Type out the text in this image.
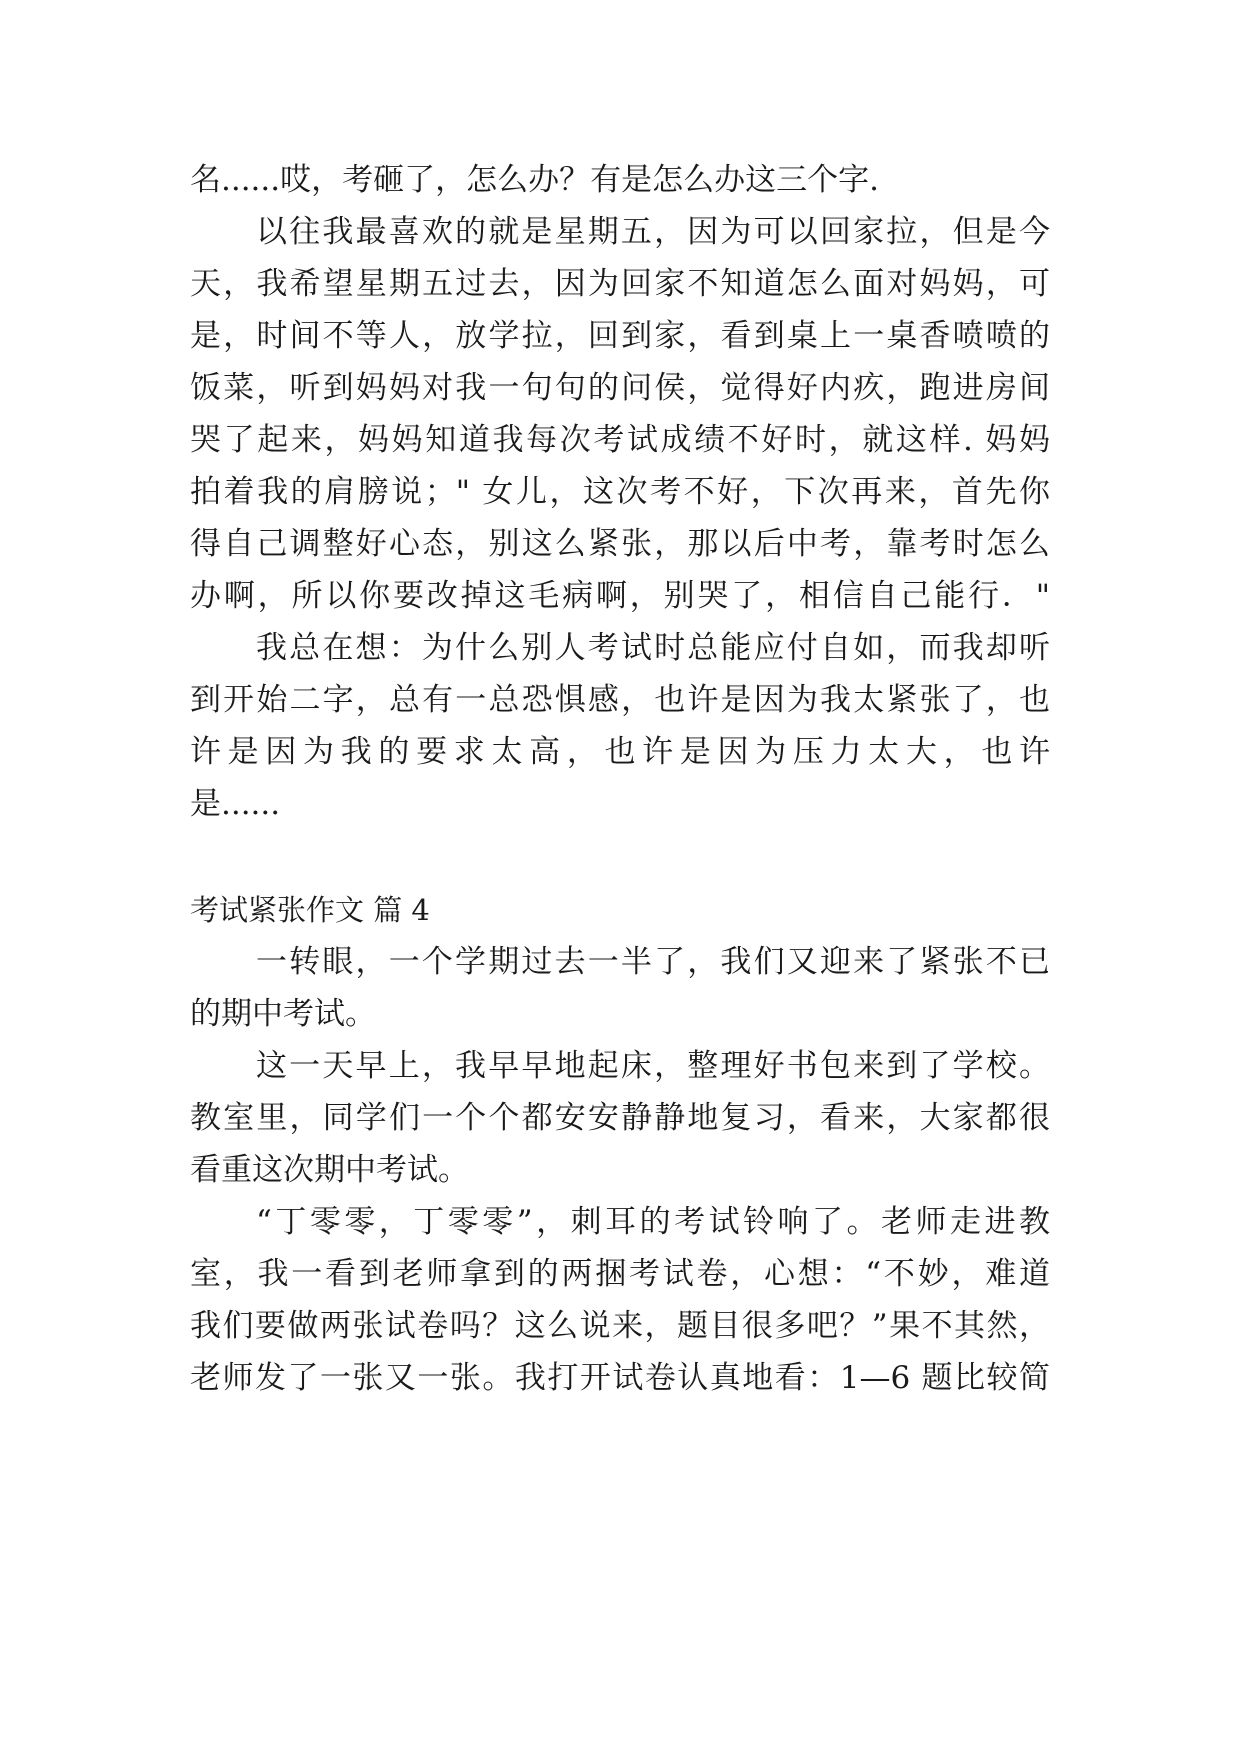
名......哎，考砸了，怎么办？有是怎么办这三个字.
以往我最喜欢的就是星期五，因为可以回家拉，但是今
天，我希望星期五过去，因为回家不知道怎么面对妈妈，可
是，时间不等人，放学拉，回到家，看到桌上一桌香喷喷的
饭菜，听到妈妈对我一句句的问侯，觉得好内疚，跑进房间
哭了起来，妈妈知道我每次考试成绩不好时，就这样. 妈妈
拍着我的肩膀说；" 女儿，这次考不好，下次再来，首先你
得自己调整好心态，别这么紧张，那以后中考，靠考时怎么
办啊，所以你要改掉这毛病啊，别哭了，相信自己能行．"
我总在想：为什么别人考试时总能应付自如，而我却听
到开始二字，总有一总恐惧感，也许是因为我太紧张了，也
许是因为我的要求太高，也许是因为压力太大，也许
是......
考试紧张作文 篇 4
一转眼，一个学期过去一半了，我们又迎来了紧张不已
的期中考试。
这一天早上，我早早地起床，整理好书包来到了学校。
教室里，同学们一个个都安安静静地复习，看来，大家都很
看重这次期中考试。
“丁零零，丁零零”，刺耳的考试铃响了。老师走进教
室，我一看到老师拿到的两捆考试卷，心想：“不妙，难道
我们要做两张试卷吗？这么说来，题目很多吧？”果不其然，
老师发了一张又一张。我打开试卷认真地看：1—6 题比较简
